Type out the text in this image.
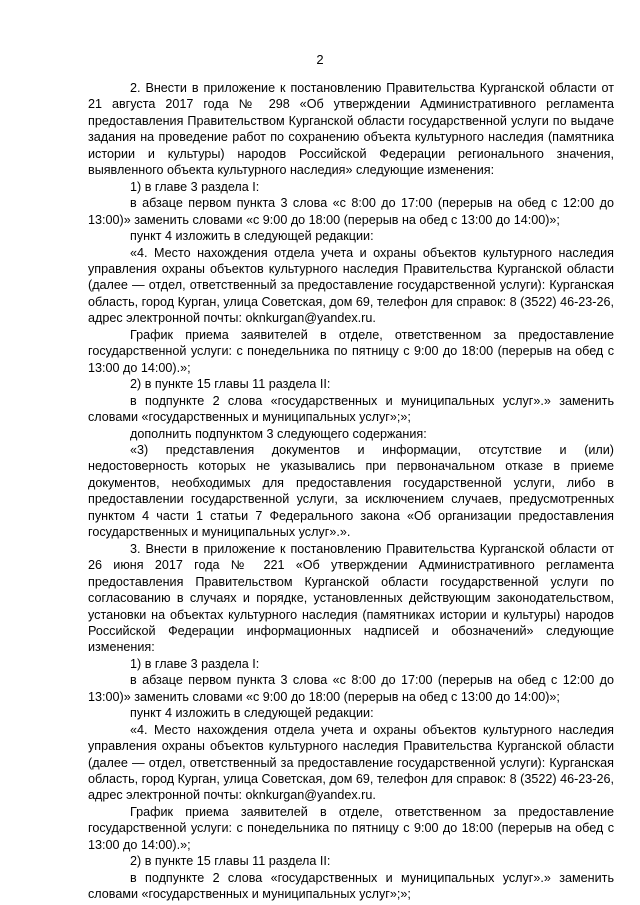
2

2. Внести в приложение к постановлению Правительства Курганской области от 21 августа 2017 года № 298 «Об утверждении Административного регламента предоставления Правительством Курганской области государственной услуги по выдаче задания на проведение работ по сохранению объекта культурного наследия (памятника истории и культуры) народов Российской Федерации регионального значения, выявленного объекта культурного наследия» следующие изменения:

1) в главе 3 раздела I:

в абзаце первом пункта 3 слова «с 8:00 до 17:00 (перерыв на обед с 12:00 до 13:00)» заменить словами «с 9:00 до 18:00 (перерыв на обед с 13:00 до 14:00)»;

пункт 4 изложить в следующей редакции:

«4. Место нахождения отдела учета и охраны объектов культурного наследия управления охраны объектов культурного наследия Правительства Курганской области (далее — отдел, ответственный за предоставление государственной услуги): Курганская область, город Курган, улица Советская, дом 69, телефон для справок: 8 (3522) 46-23-26, адрес электронной почты: oknkurgan@yandex.ru.

График приема заявителей в отделе, ответственном за предоставление государственной услуги: с понедельника по пятницу с 9:00 до 18:00 (перерыв на обед с 13:00 до 14:00).»;

2) в пункте 15 главы 11 раздела II:

в подпункте 2 слова «государственных и муниципальных услуг».» заменить словами «государственных и муниципальных услуг»;»;

дополнить подпунктом 3 следующего содержания:

«3) представления документов и информации, отсутствие и (или) недостоверность которых не указывались при первоначальном отказе в приеме документов, необходимых для предоставления государственной услуги, либо в предоставлении государственной услуги, за исключением случаев, предусмотренных пунктом 4 части 1 статьи 7 Федерального закона «Об организации предоставления государственных и муниципальных услуг».».

3. Внести в приложение к постановлению Правительства Курганской области от 26 июня 2017 года № 221 «Об утверждении Административного регламента предоставления Правительством Курганской области государственной услуги по согласованию в случаях и порядке, установленных действующим законодательством, установки на объектах культурного наследия (памятниках истории и культуры) народов Российской Федерации информационных надписей и обозначений» следующие изменения:

1) в главе 3 раздела I:

в абзаце первом пункта 3 слова «с 8:00 до 17:00 (перерыв на обед с 12:00 до 13:00)» заменить словами «с 9:00 до 18:00 (перерыв на обед с 13:00 до 14:00)»;

пункт 4 изложить в следующей редакции:

«4. Место нахождения отдела учета и охраны объектов культурного наследия управления охраны объектов культурного наследия Правительства Курганской области (далее — отдел, ответственный за предоставление государственной услуги): Курганская область, город Курган, улица Советская, дом 69, телефон для справок: 8 (3522) 46-23-26, адрес электронной почты: oknkurgan@yandex.ru.

График приема заявителей в отделе, ответственном за предоставление государственной услуги: с понедельника по пятницу с 9:00 до 18:00 (перерыв на обед с 13:00 до 14:00).»;

2) в пункте 15 главы 11 раздела II:

в подпункте 2 слова «государственных и муниципальных услуг».» заменить словами «государственных и муниципальных услуг»;»;
